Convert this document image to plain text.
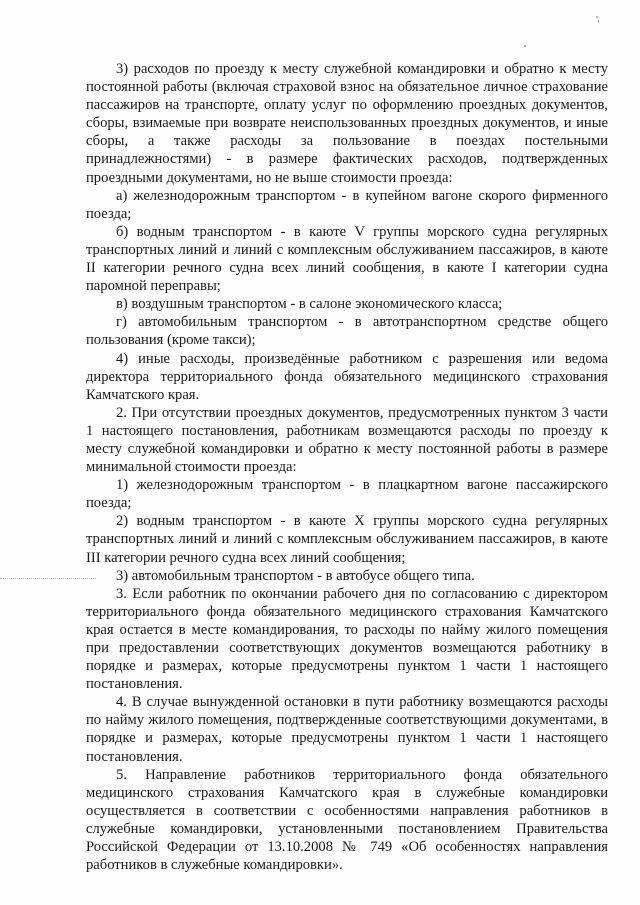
3) расходов по проезду к месту служебной командировки и обратно к месту постоянной работы (включая страховой взнос на обязательное личное страхование пассажиров на транспорте, оплату услуг по оформлению проездных документов, сборы, взимаемые при возврате неиспользованных проездных документов, и иные сборы, а также расходы за пользование в поездах постельными принадлежностями) - в размере фактических расходов, подтвержденных проездными документами, но не выше стоимости проезда:

а) железнодорожным транспортом - в купейном вагоне скорого фирменного поезда;

б) водным транспортом - в каюте V группы морского судна регулярных транспортных линий и линий с комплексным обслуживанием пассажиров, в каюте II категории речного судна всех линий сообщения, в каюте I категории судна паромной переправы;

в) воздушным транспортом - в салоне экономического класса;

г) автомобильным транспортом - в автотранспортном средстве общего пользования (кроме такси);

4) иные расходы, произведённые работником с разрешения или ведома директора территориального фонда обязательного медицинского страхования Камчатского края.

2. При отсутствии проездных документов, предусмотренных пунктом 3 части 1 настоящего постановления, работникам возмещаются расходы по проезду к месту служебной командировки и обратно к месту постоянной работы в размере минимальной стоимости проезда:

1) железнодорожным транспортом - в плацкартном вагоне пассажирского поезда;

2) водным транспортом - в каюте X группы морского судна регулярных транспортных линий и линий с комплексным обслуживанием пассажиров, в каюте III категории речного судна всех линий сообщения;

3) автомобильным транспортом - в автобусе общего типа.

3. Если работник по окончании рабочего дня по согласованию с директором территориального фонда обязательного медицинского страхования Камчатского края остается в месте командирования, то расходы по найму жилого помещения при предоставлении соответствующих документов возмещаются работнику в порядке и размерах, которые предусмотрены пунктом 1 части 1 настоящего постановления.

4. В случае вынужденной остановки в пути работнику возмещаются расходы по найму жилого помещения, подтвержденные соответствующими документами, в порядке и размерах, которые предусмотрены пунктом 1 части 1 настоящего постановления.

5. Направление работников территориального фонда обязательного медицинского страхования Камчатского края в служебные командировки осуществляется в соответствии с особенностями направления работников в служебные командировки, установленными постановлением Правительства Российской Федерации от 13.10.2008 № 749 «Об особенностях направления работников в служебные командировки».
